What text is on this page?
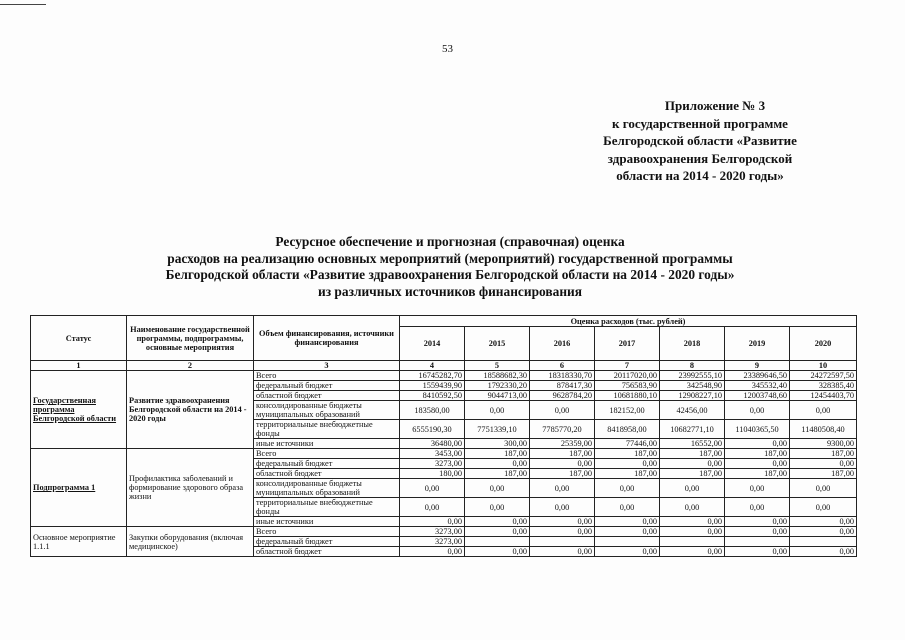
53
Приложение № 3
к государственной программе
Белгородской области «Развитие
здравоохранения Белгородской
области на 2014 - 2020 годы»
Ресурсное обеспечение и прогнозная (справочная) оценка
расходов на реализацию основных мероприятий (мероприятий) государственной программы
Белгородской области «Развитие здравоохранения Белгородской области на 2014 - 2020 годы»
из различных источников финансирования
Статус	Наименование государственной программы, подпрограммы, основные мероприятия	Объем финансирования, источники финансирования	Оценка расходов (тыс. рублей)						
			2014	2015	2016	2017	2018	2019	2020
1	2	3	4	5	6	7	8	9	10
Государственная программа Белгородской области	Развитие здравоохранения Белгородской области на 2014 - 2020 годы	Всего	16745282,70	18588682,30	18318330,70	20117020,00	23992555,10	23389646,50	24272597,50
		федеральный бюджет	1559439,90	1792330,20	878417,30	756583,90	342548,90	345532,40	328385,40
		областной бюджет	8410592,50	9044713,00	9628784,20	10681880,10	12908227,10	12003748,60	12454403,70
		консолидированные бюджеты муниципальных образований	183580,00	0,00	0,00	182152,00	42456,00	0,00	0,00
		территориальные внебюджетные фонды	6555190,30	7751339,10	7785770,20	8418958,00	10682771,10	11040365,50	11480508,40
		иные источники	36480,00	300,00	25359,00	77446,00	16552,00	0,00	9300,00
Подпрограмма 1	Профилактика заболеваний и формирование здорового образа жизни	Всего	3453,00	187,00	187,00	187,00	187,00	187,00	187,00
		федеральный бюджет	3273,00	0,00	0,00	0,00	0,00	0,00	0,00
		областной бюджет	180,00	187,00	187,00	187,00	187,00	187,00	187,00
		консолидированные бюджеты муниципальных образований	0,00	0,00	0,00	0,00	0,00	0,00	0,00
		территориальные внебюджетные фонды	0,00	0,00	0,00	0,00	0,00	0,00	0,00
		иные источники	0,00	0,00	0,00	0,00	0,00	0,00	0,00
Основное мероприятие 1.1.1	Закупки оборудования (включая медицинское)	Всего	3273,00	0,00	0,00	0,00	0,00	0,00	0,00
		федеральный бюджет	3273,00						
		областной бюджет	0,00	0,00	0,00	0,00	0,00	0,00	0,00
